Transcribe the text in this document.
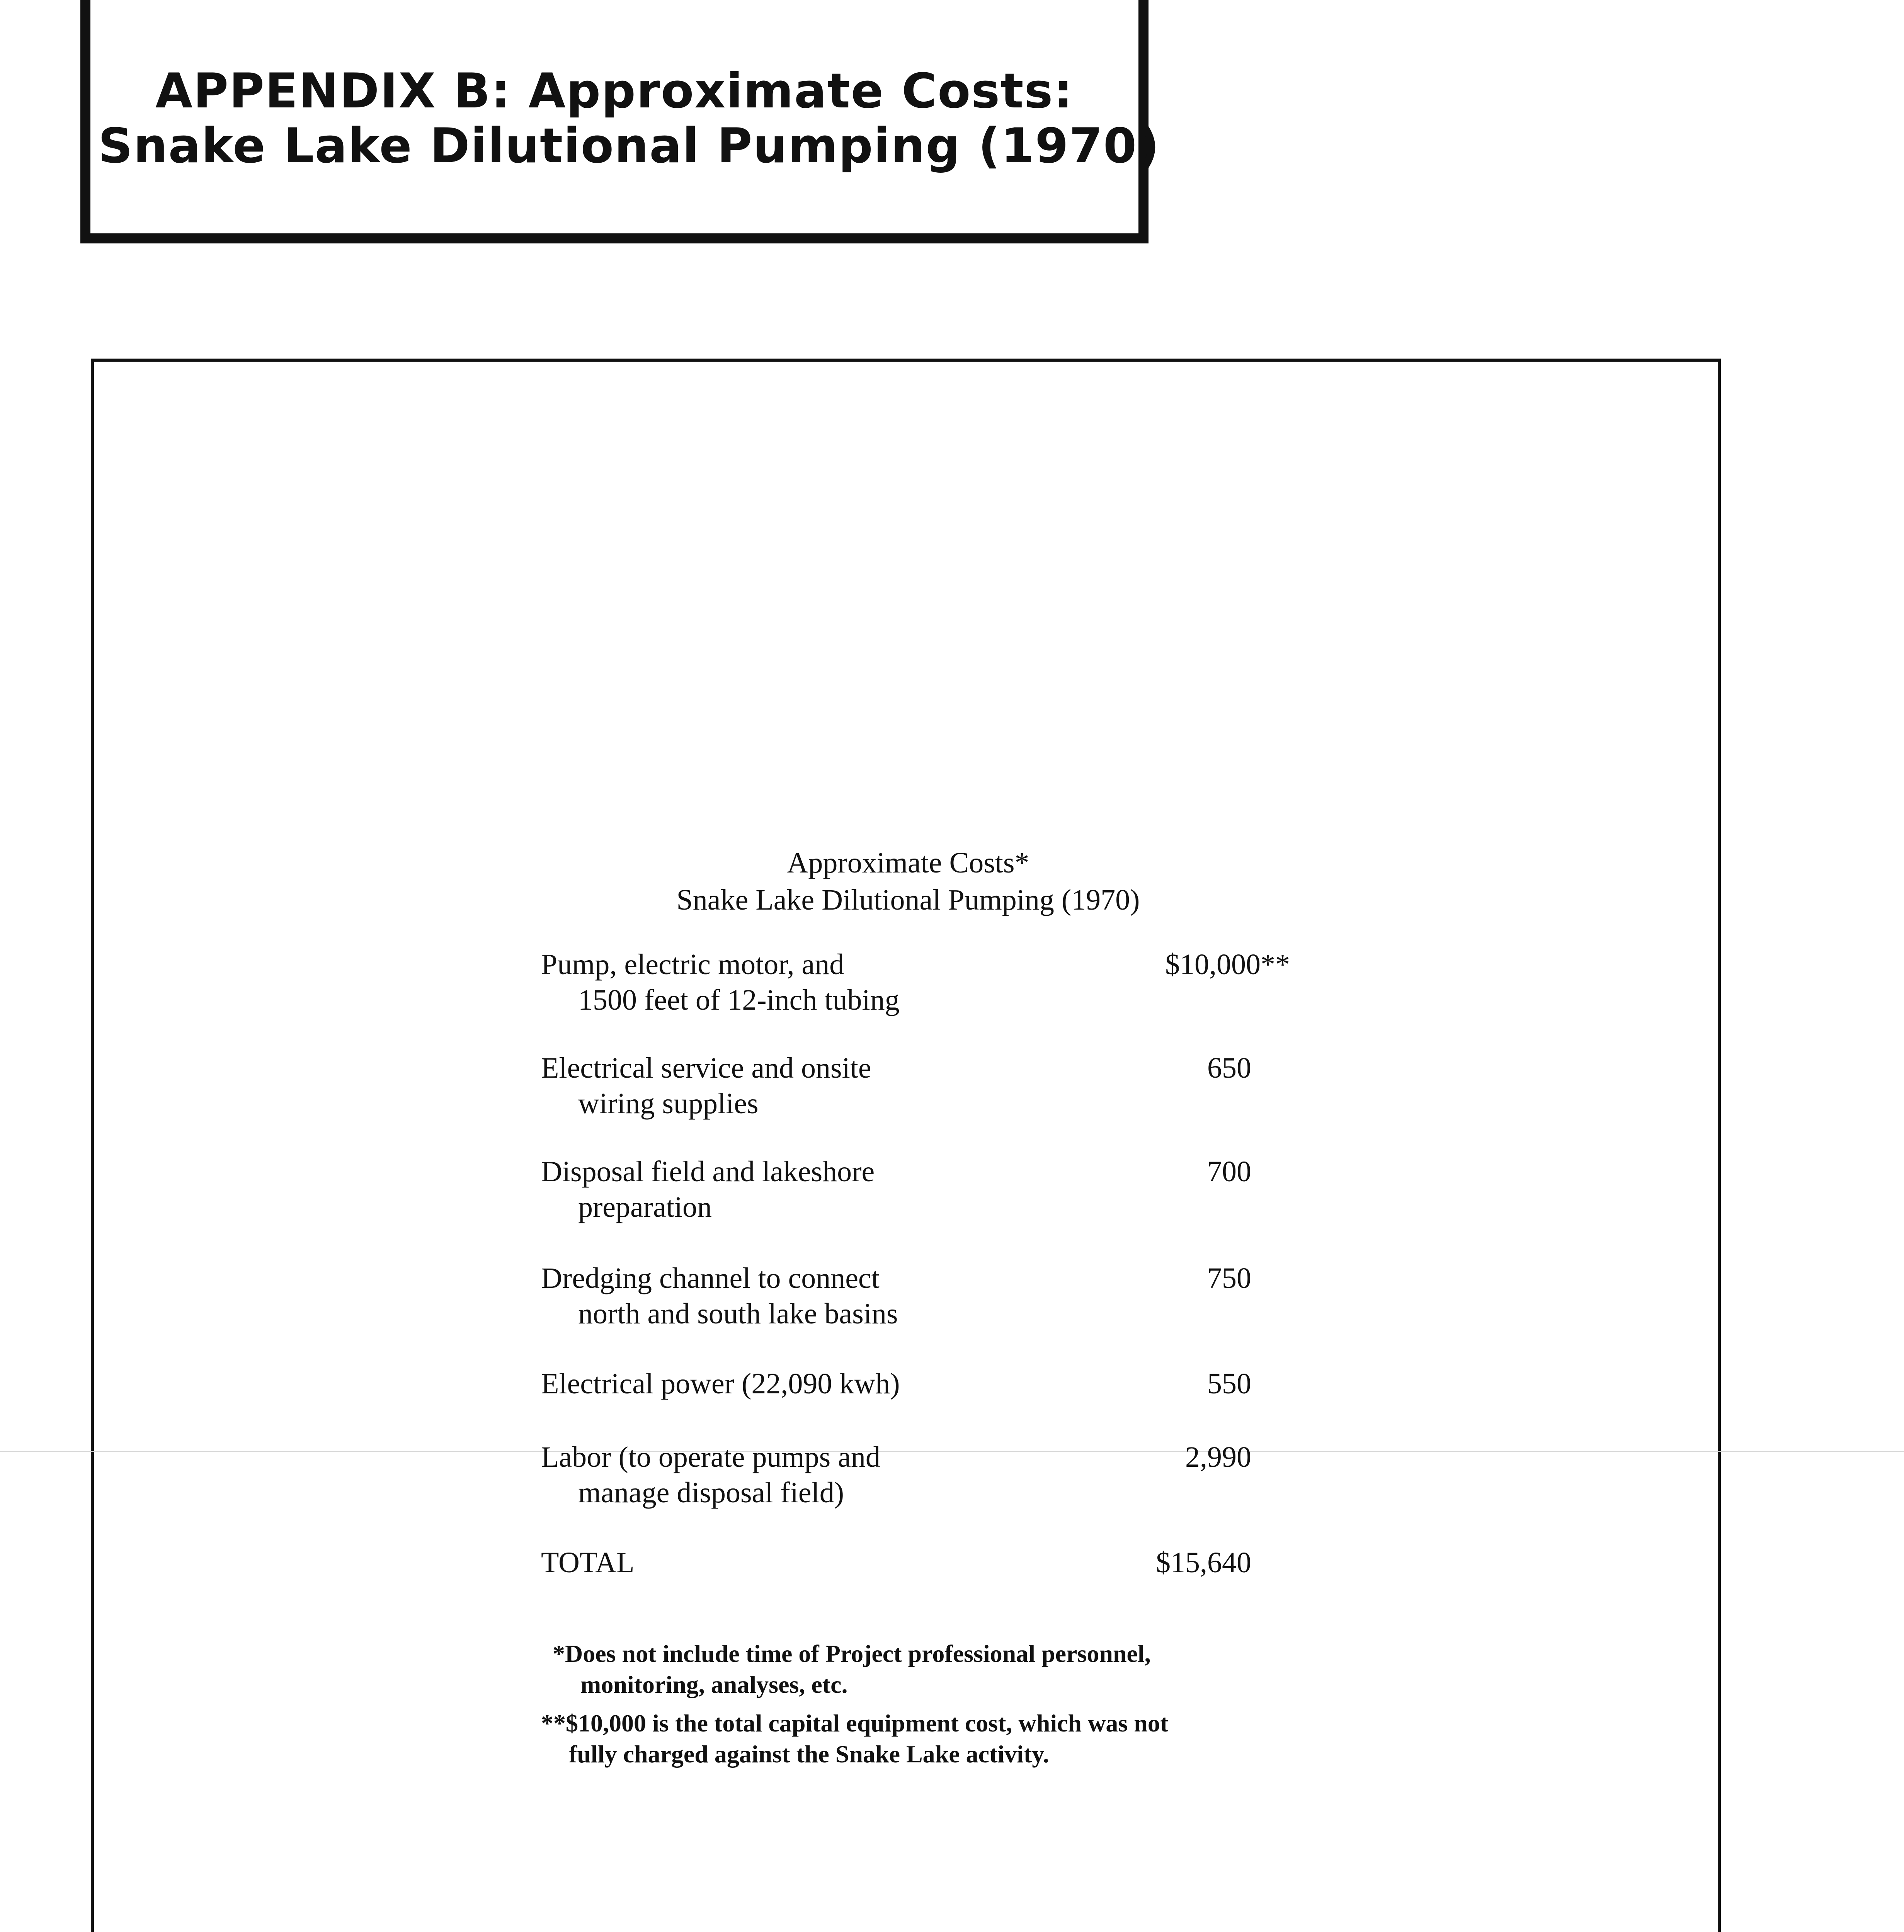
APPENDIX B: Approximate Costs:
Snake Lake Dilutional Pumping (1970)
Approximate Costs*
Snake Lake Dilutional Pumping (1970)
Pump, electric motor, and
1500 feet of 12-inch tubing
$10,000**
Electrical service and onsite
wiring supplies
650
Disposal field and lakeshore
preparation
700
Dredging channel to connect
north and south lake basins
750
Electrical power (22,090 kwh)	550
Labor (to operate pumps and
manage disposal field)
2,990
TOTAL	$15,640
*Does not include time of Project professional personnel,
monitoring, analyses, etc.
**$10,000 is the total capital equipment cost, which was not
fully charged against the Snake Lake activity.
